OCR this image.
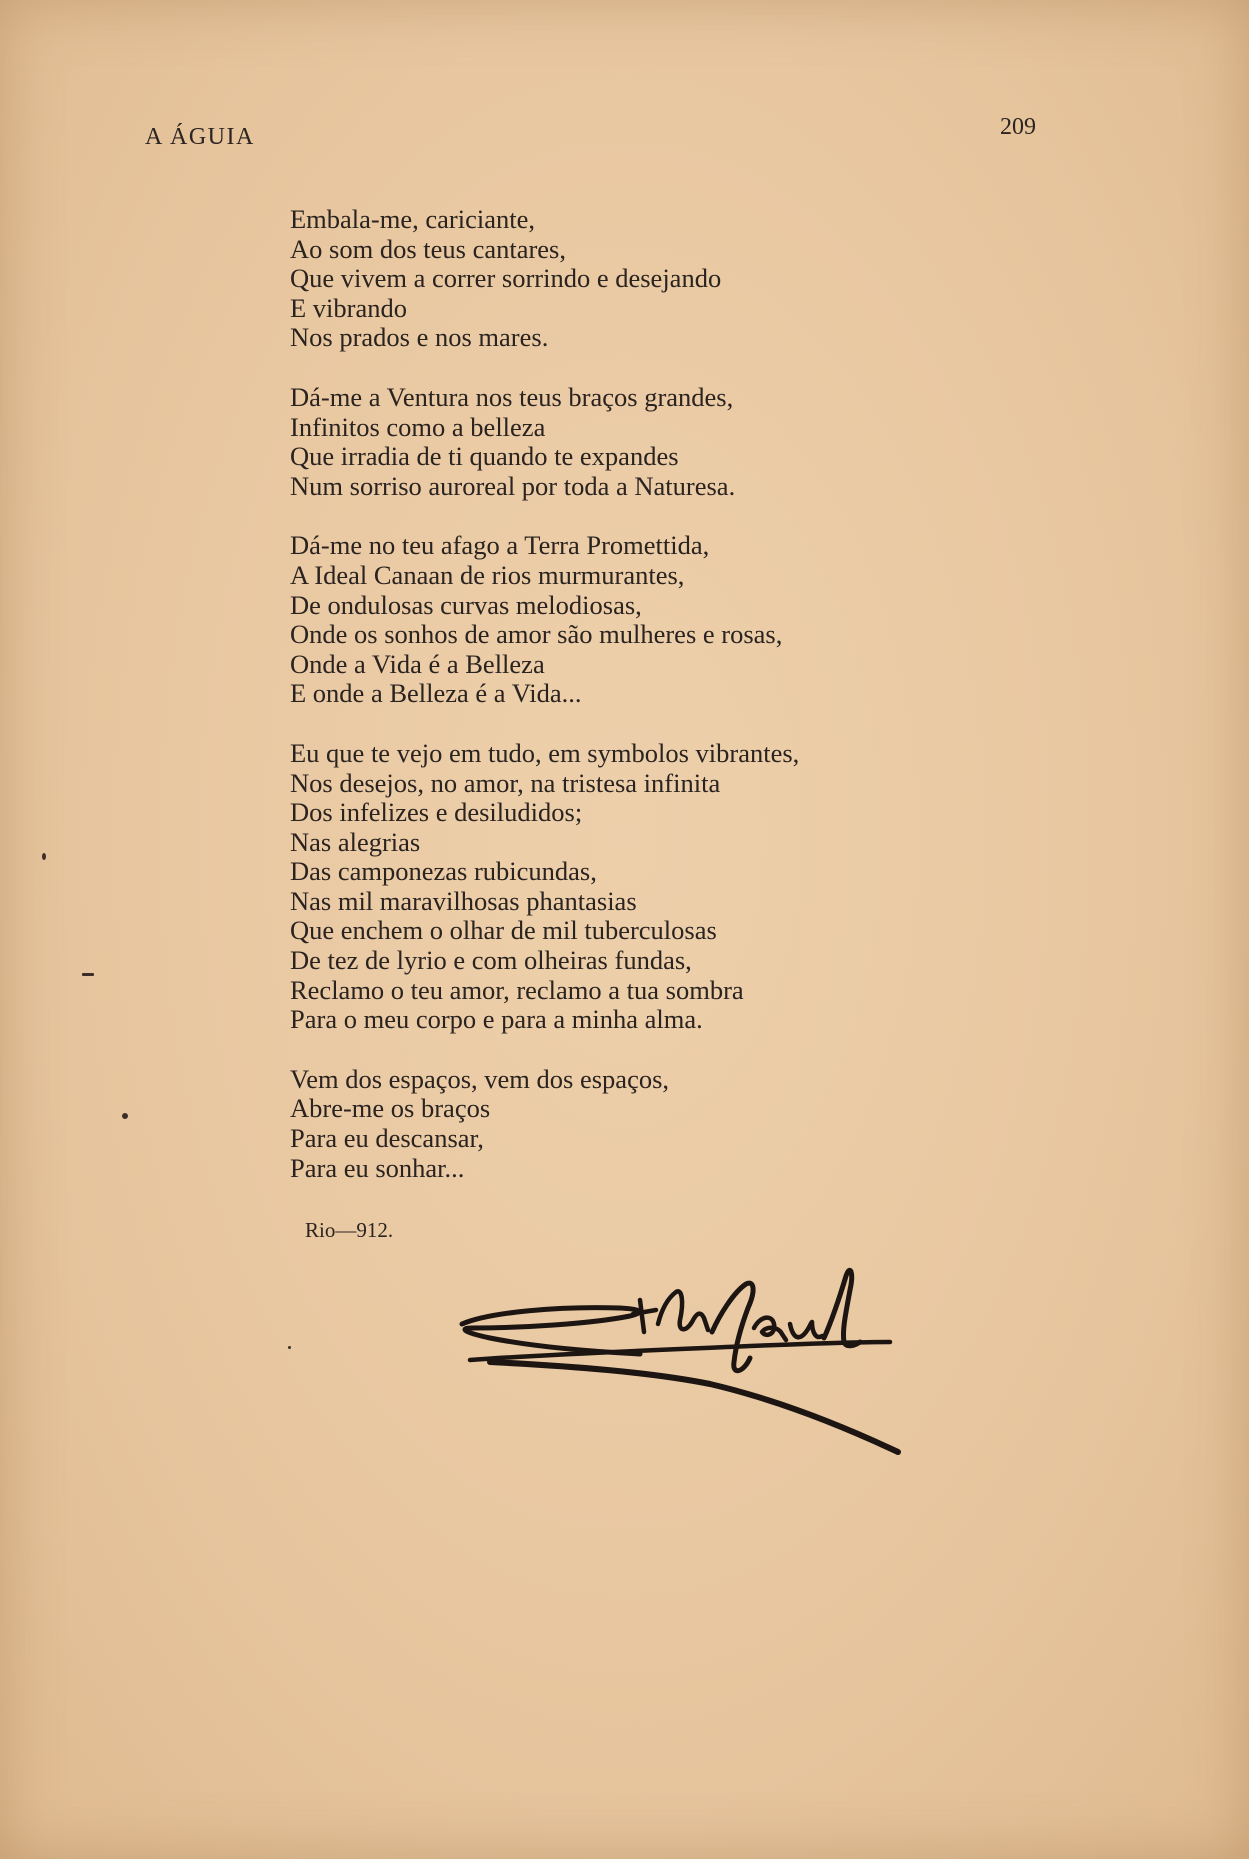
A ÁGUIA	209
Embala-me, cariciante,
Ao som dos teus cantares,
Que vivem a correr sorrindo e desejando
E vibrando
Nos prados e nos mares.
Dá-me a Ventura nos teus braços grandes,
Infinitos como a belleza
Que irradia de ti quando te expandes
Num sorriso auroreal por toda a Naturesa.
Dá-me no teu afago a Terra Promettida,
A Ideal Canaan de rios murmurantes,
De ondulosas curvas melodiosas,
Onde os sonhos de amor são mulheres e rosas,
Onde a Vida é a Belleza
E onde a Belleza é a Vida...
Eu que te vejo em tudo, em symbolos vibrantes,
Nos desejos, no amor, na tristesa infinita
Dos infelizes e desiludidos;
Nas alegrias
Das camponezas rubicundas,
Nas mil maravilhosas phantasias
Que enchem o olhar de mil tuberculosas
De tez de lyrio e com olheiras fundas,
Reclamo o teu amor, reclamo a tua sombra
Para o meu corpo e para a minha alma.
Vem dos espaços, vem dos espaços,
Abre-me os braços
Para eu descansar,
Para eu sonhar...
Rio—912.
